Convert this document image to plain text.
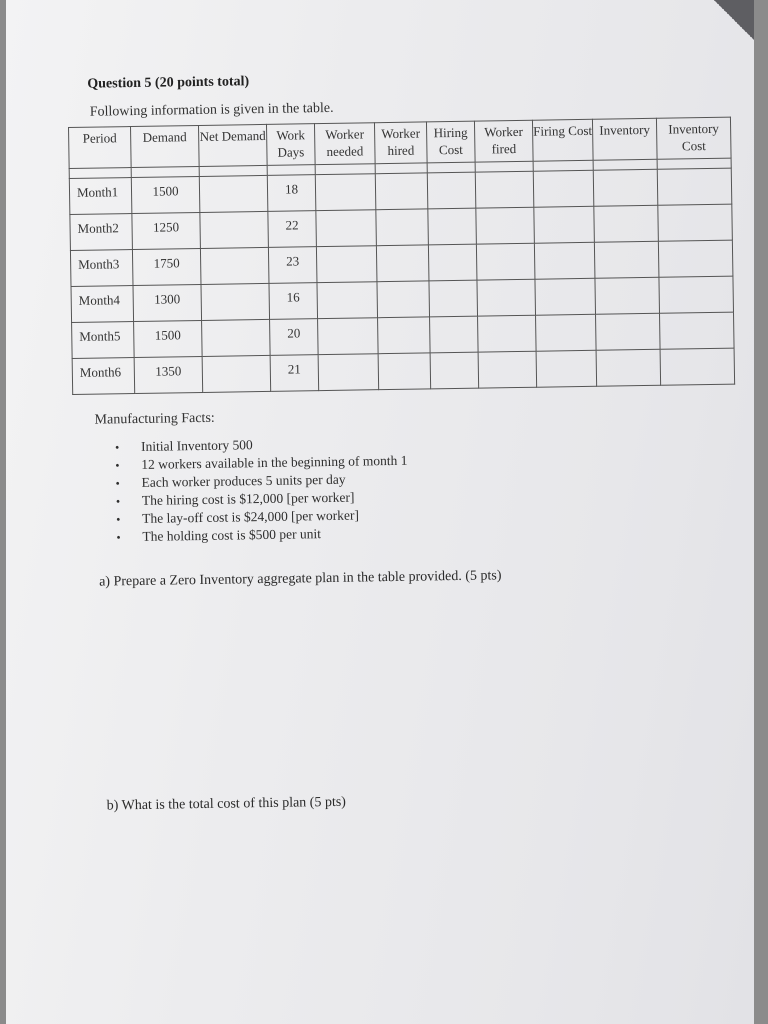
Question 5 (20 points total)
Following information is given in the table.
Period	Demand	Net Demand	Work Days	Worker needed	Worker hired	Hiring Cost	Worker fired	Firing Cost	Inventory	Inventory Cost

Month1	1500		18							
Month2	1250		22							
Month3	1750		23							
Month4	1300		16							
Month5	1500		20							
Month6	1350		21							
Manufacturing Facts:
• Initial Inventory 500
• 12 workers available in the beginning of month 1
• Each worker produces 5 units per day
• The hiring cost is $12,000 [per worker]
• The lay-off cost is $24,000 [per worker]
• The holding cost is $500 per unit
a) Prepare a Zero Inventory aggregate plan in the table provided. (5 pts)
b) What is the total cost of this plan (5 pts)
